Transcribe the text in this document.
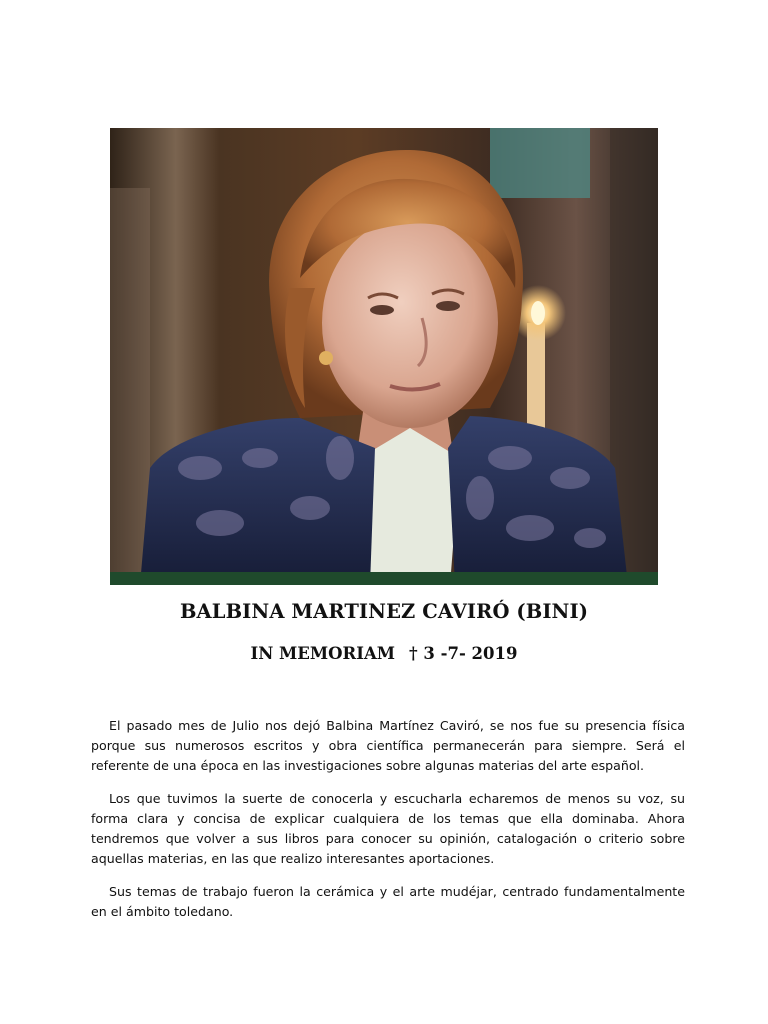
BALBINA MARTINEZ CAVIRÓ (BINI)
IN MEMORIAM † 3 -7- 2019

El pasado mes de Julio nos dejó Balbina Martínez Caviró, se nos fue su presencia física porque sus numerosos escritos y obra científica permanecerán para siempre. Será el referente de una época en las investigaciones sobre algunas materias del arte español.

Los que tuvimos la suerte de conocerla y escucharla echaremos de menos su voz, su forma clara y concisa de explicar cualquiera de los temas que ella dominaba. Ahora tendremos que volver a sus libros para conocer su opinión, catalogación o criterio sobre aquellas materias, en las que realizo interesantes aportaciones.

Sus temas de trabajo fueron la cerámica y el arte mudéjar, centrado fundamentalmente en el ámbito toledano.
